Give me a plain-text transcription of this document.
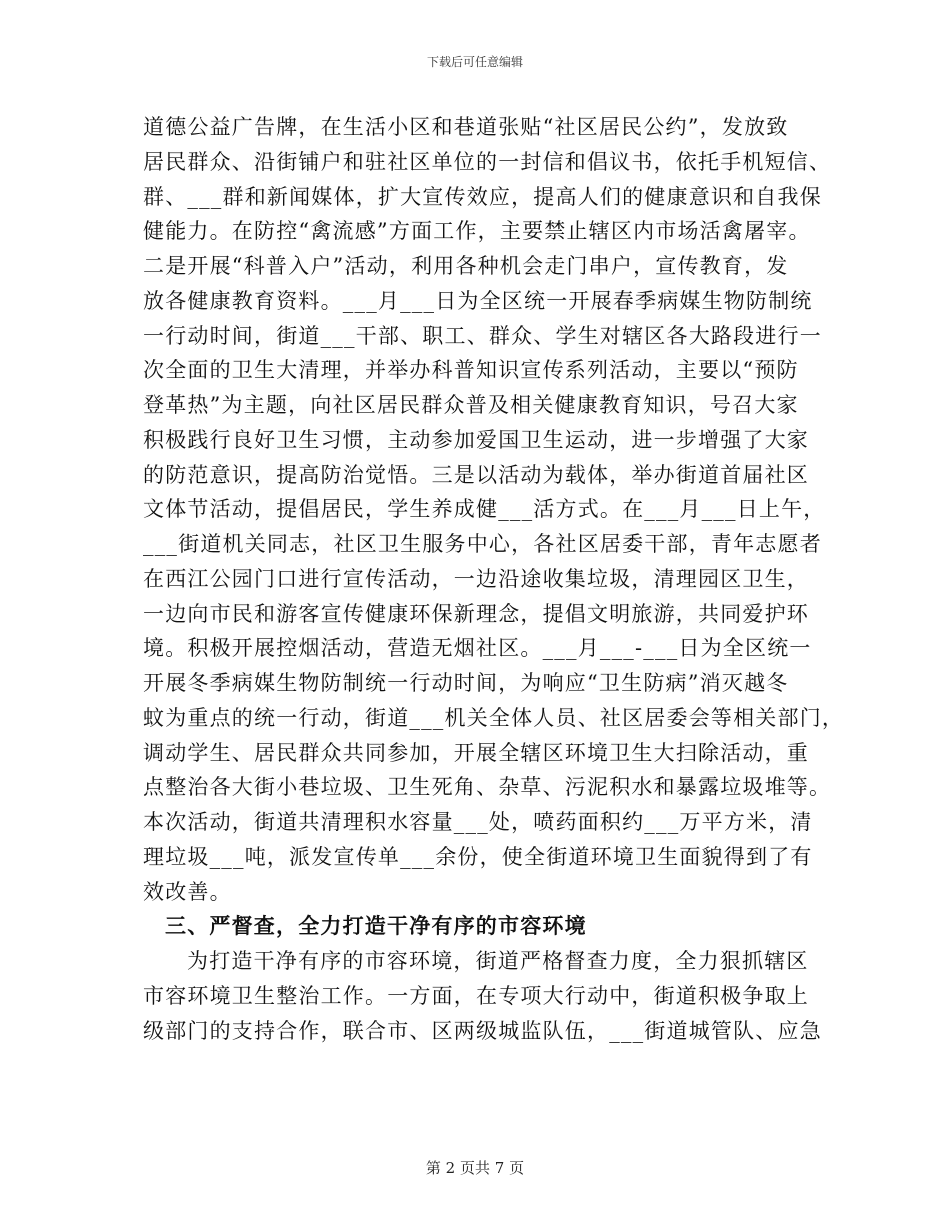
下载后可任意编辑
道德公益广告牌，在生活小区和巷道张贴“社区居民公约”，发放致
居民群众、沿街铺户和驻社区单位的一封信和倡议书，依托手机短信、
群、___群和新闻媒体，扩大宣传效应，提高人们的健康意识和自我保
健能力。在防控“禽流感”方面工作，主要禁止辖区内市场活禽屠宰。
二是开展“科普入户”活动，利用各种机会走门串户，宣传教育，发
放各健康教育资料。___月___日为全区统一开展春季病媒生物防制统
一行动时间，街道___干部、职工、群众、学生对辖区各大路段进行一
次全面的卫生大清理，并举办科普知识宣传系列活动，主要以“预防
登革热”为主题，向社区居民群众普及相关健康教育知识，号召大家
积极践行良好卫生习惯，主动参加爱国卫生运动，进一步增强了大家
的防范意识，提高防治觉悟。三是以活动为载体，举办街道首届社区
文体节活动，提倡居民，学生养成健___活方式。在___月___日上午，
___街道机关同志，社区卫生服务中心，各社区居委干部，青年志愿者
在西江公园门口进行宣传活动，一边沿途收集垃圾，清理园区卫生，
一边向市民和游客宣传健康环保新理念，提倡文明旅游，共同爱护环
境。积极开展控烟活动，营造无烟社区。___月___-___日为全区统一
开展冬季病媒生物防制统一行动时间，为响应“卫生防病”消灭越冬
蚊为重点的统一行动，街道___机关全体人员、社区居委会等相关部门，
调动学生、居民群众共同参加，开展全辖区环境卫生大扫除活动，重
点整治各大街小巷垃圾、卫生死角、杂草、污泥积水和暴露垃圾堆等。
本次活动，街道共清理积水容量___处，喷药面积约___万平方米，清
理垃圾___吨，派发宣传单___余份，使全街道环境卫生面貌得到了有
效改善。
三、严督查，全力打造干净有序的市容环境
为打造干净有序的市容环境，街道严格督查力度，全力狠抓辖区
市容环境卫生整治工作。一方面，在专项大行动中，街道积极争取上
级部门的支持合作，联合市、区两级城监队伍，___街道城管队、应急
第 2 页共 7 页
